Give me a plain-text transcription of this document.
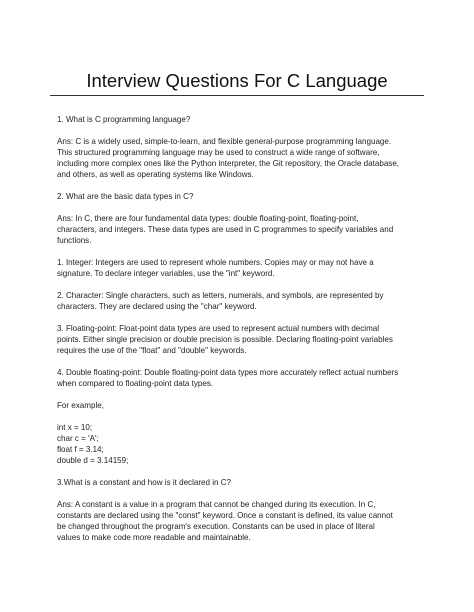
Interview Questions For C Language

1. What is C programming language?

Ans: C is a widely used, simple-to-learn, and flexible general-purpose programming language.
This structured programming language may be used to construct a wide range of software,
including more complex ones like the Python interpreter, the Git repository, the Oracle database,
and others, as well as operating systems like Windows.

2. What are the basic data types in C?

Ans: In C, there are four fundamental data types: double floating-point, floating-point,
characters, and integers. These data types are used in C programmes to specify variables and
functions.

1. Integer: Integers are used to represent whole numbers. Copies may or may not have a
signature. To declare integer variables, use the "int" keyword.

2. Character: Single characters, such as letters, numerals, and symbols, are represented by
characters. They are declared using the "char" keyword.

3. Floating-point: Float-point data types are used to represent actual numbers with decimal
points. Either single precision or double precision is possible. Declaring floating-point variables
requires the use of the "float" and "double" keywords.

4. Double floating-point: Double floating-point data types more accurately reflect actual numbers
when compared to floating-point data types.

For example,

int x = 10;
char c = 'A';
float f = 3.14;
double d = 3.14159;

3.What is a constant and how is it declared in C?

Ans: A constant is a value in a program that cannot be changed during its execution. In C,
constants are declared using the "const" keyword. Once a constant is defined, its value cannot
be changed throughout the program's execution. Constants can be used in place of literal
values to make code more readable and maintainable.
